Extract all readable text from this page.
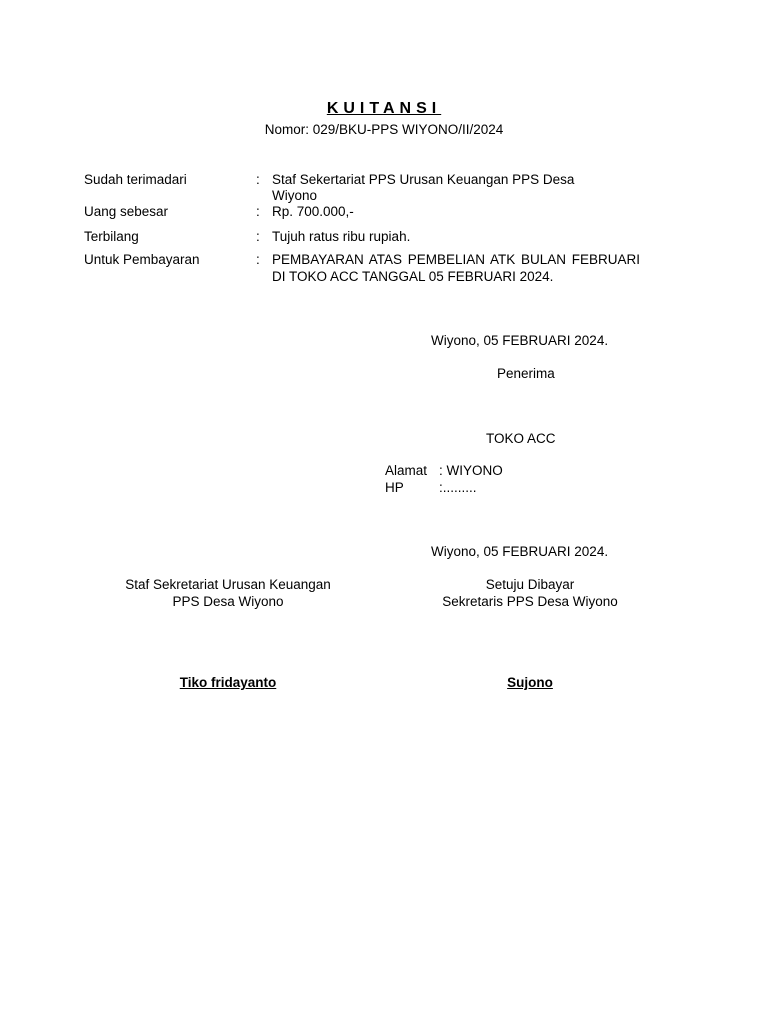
KUITANSI
Nomor: 029/BKU-PPS WIYONO/II/2024
Sudah terimadari	: Staf Sekertariat PPS Urusan Keuangan PPS Desa
Wiyono
Uang sebesar	: Rp. 700.000,-
Terbilang	: Tujuh ratus ribu rupiah.
Untuk Pembayaran	: PEMBAYARAN ATAS PEMBELIAN ATK BULAN FEBRUARI DI TOKO ACC TANGGAL 05 FEBRUARI 2024.
Wiyono, 05 FEBRUARI 2024.
Penerima
TOKO ACC
Alamat : WIYONO
HP	:.........
Wiyono, 05 FEBRUARI 2024.
Staf Sekretariat Urusan Keuangan
PPS Desa Wiyono
Setuju Dibayar
Sekretaris PPS Desa Wiyono
Tiko fridayanto	Sujono
